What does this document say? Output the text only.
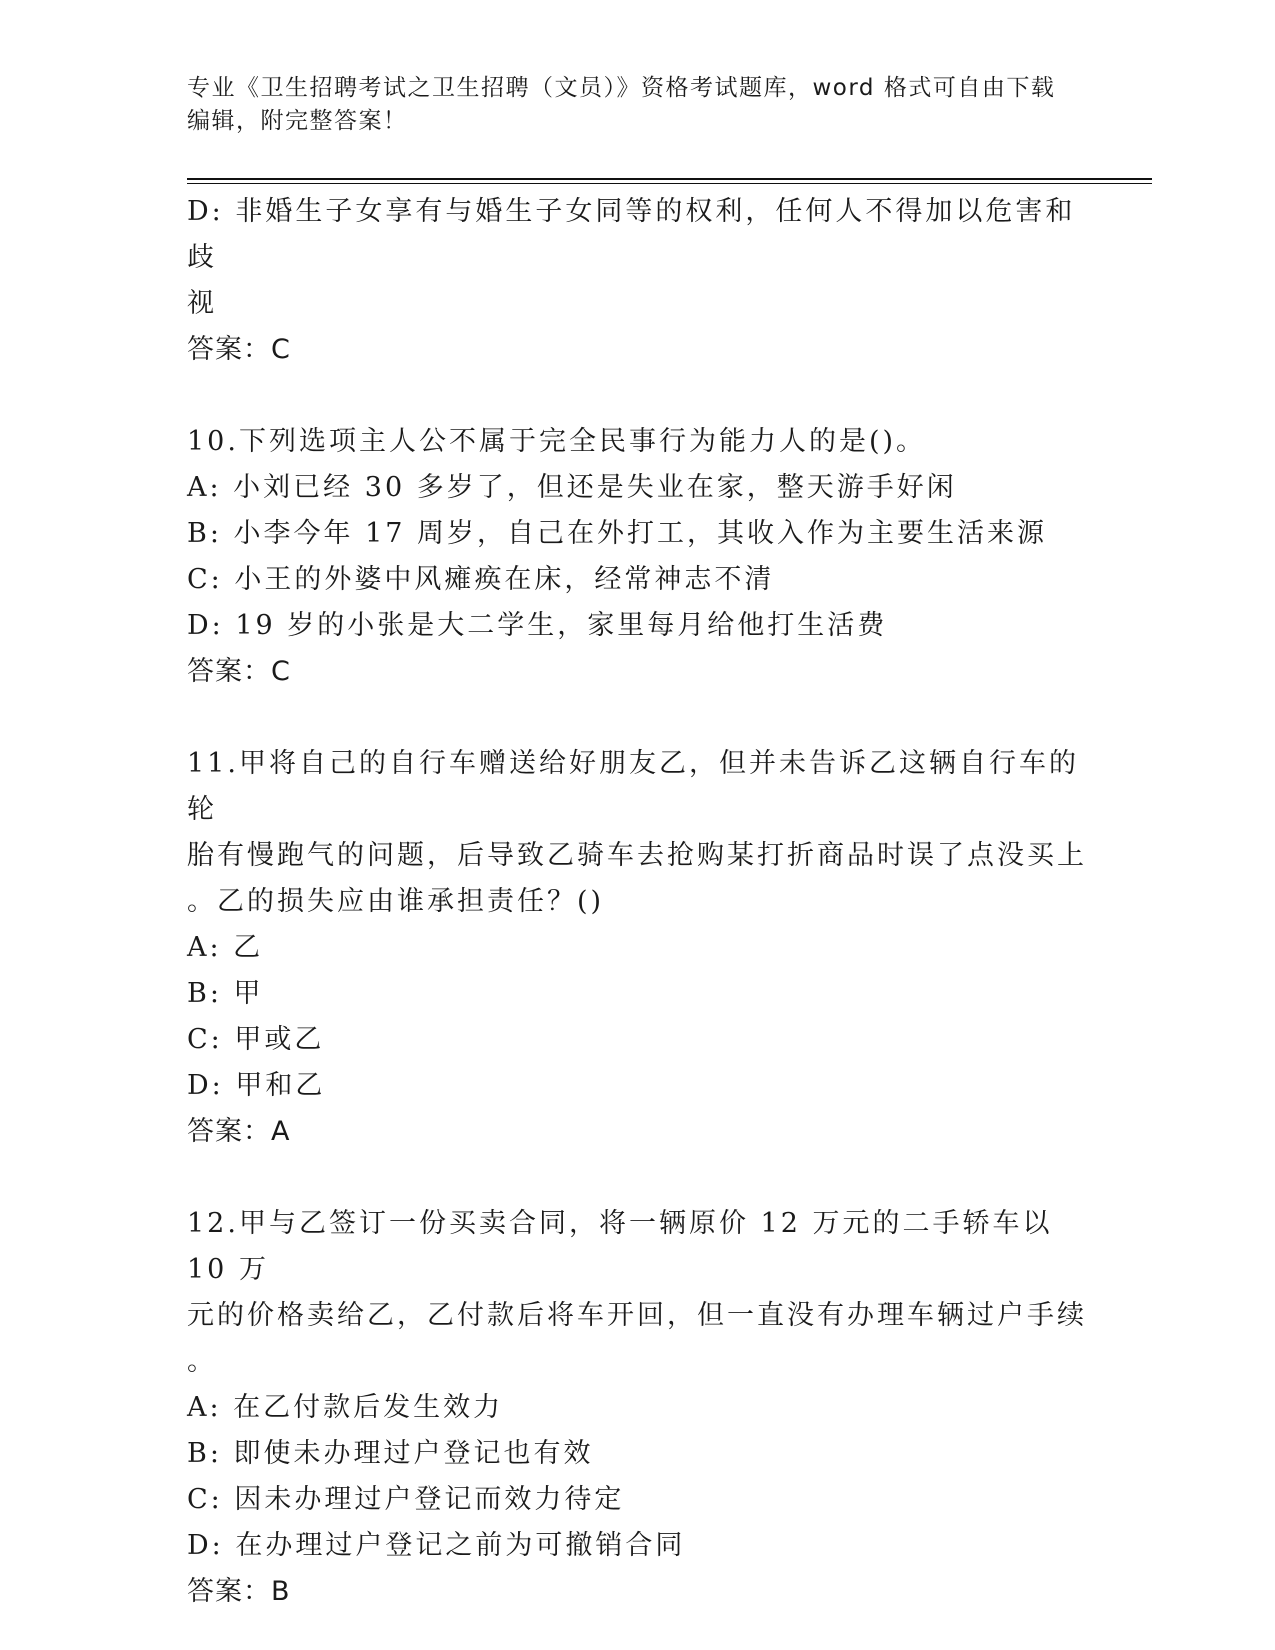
专业《卫生招聘考试之卫生招聘（文员）》资格考试题库，word 格式可自由下载
编辑，附完整答案！
D: 非婚生子女享有与婚生子女同等的权利，任何人不得加以危害和歧
视
答案：C
10.下列选项主人公不属于完全民事行为能力人的是()。
A: 小刘已经 30 多岁了，但还是失业在家，整天游手好闲
B: 小李今年 17 周岁，自己在外打工，其收入作为主要生活来源
C: 小王的外婆中风瘫痪在床，经常神志不清
D: 19 岁的小张是大二学生，家里每月给他打生活费
答案：C
11.甲将自己的自行车赠送给好朋友乙，但并未告诉乙这辆自行车的轮
胎有慢跑气的问题，后导致乙骑车去抢购某打折商品时误了点没买上
。乙的损失应由谁承担责任？()
A: 乙
B: 甲
C: 甲或乙
D: 甲和乙
答案：A
12.甲与乙签订一份买卖合同，将一辆原价 12 万元的二手轿车以 10 万
元的价格卖给乙，乙付款后将车开回，但一直没有办理车辆过户手续
。
A: 在乙付款后发生效力
B: 即使未办理过户登记也有效
C: 因未办理过户登记而效力待定
D: 在办理过户登记之前为可撤销合同
答案：B
